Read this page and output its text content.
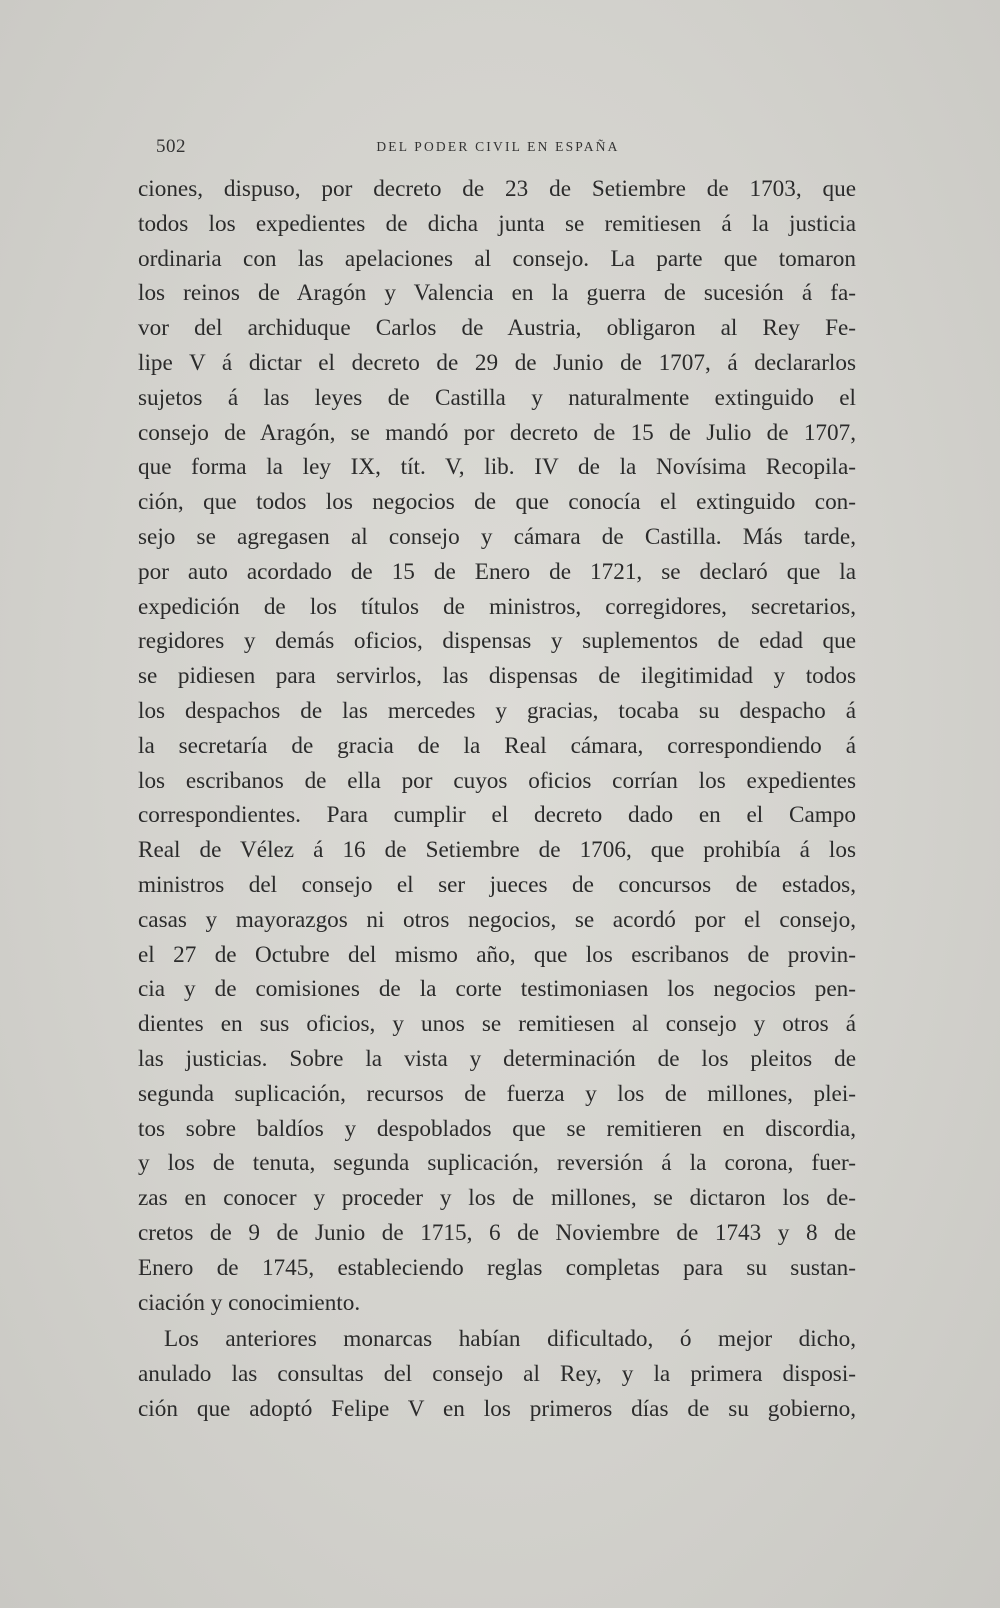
502	DEL PODER CIVIL EN ESPAÑA
ciones, dispuso, por decreto de 23 de Setiembre de 1703, que
todos los expedientes de dicha junta se remitiesen á la justicia
ordinaria con las apelaciones al consejo. La parte que tomaron
los reinos de Aragón y Valencia en la guerra de sucesión á fa-
vor del archiduque Carlos de Austria, obligaron al Rey Fe-
lipe V á dictar el decreto de 29 de Junio de 1707, á declararlos
sujetos á las leyes de Castilla y naturalmente extinguido el
consejo de Aragón, se mandó por decreto de 15 de Julio de 1707,
que forma la ley IX, tít. V, lib. IV de la Novísima Recopila-
ción, que todos los negocios de que conocía el extinguido con-
sejo se agregasen al consejo y cámara de Castilla. Más tarde,
por auto acordado de 15 de Enero de 1721, se declaró que la
expedición de los títulos de ministros, corregidores, secretarios,
regidores y demás oficios, dispensas y suplementos de edad que
se pidiesen para servirlos, las dispensas de ilegitimidad y todos
los despachos de las mercedes y gracias, tocaba su despacho á
la secretaría de gracia de la Real cámara, correspondiendo á
los escribanos de ella por cuyos oficios corrían los expedientes
correspondientes. Para cumplir el decreto dado en el Campo
Real de Vélez á 16 de Setiembre de 1706, que prohibía á los
ministros del consejo el ser jueces de concursos de estados,
casas y mayorazgos ni otros negocios, se acordó por el consejo,
el 27 de Octubre del mismo año, que los escribanos de provin-
cia y de comisiones de la corte testimoniasen los negocios pen-
dientes en sus oficios, y unos se remitiesen al consejo y otros á
las justicias. Sobre la vista y determinación de los pleitos de
segunda suplicación, recursos de fuerza y los de millones, plei-
tos sobre baldíos y despoblados que se remitieren en discordia,
y los de tenuta, segunda suplicación, reversión á la corona, fuer-
zas en conocer y proceder y los de millones, se dictaron los de-
cretos de 9 de Junio de 1715, 6 de Noviembre de 1743 y 8 de
Enero de 1745, estableciendo reglas completas para su sustan-
ciación y conocimiento.
Los anteriores monarcas habían dificultado, ó mejor dicho,
anulado las consultas del consejo al Rey, y la primera disposi-
ción que adoptó Felipe V en los primeros días de su gobierno,
